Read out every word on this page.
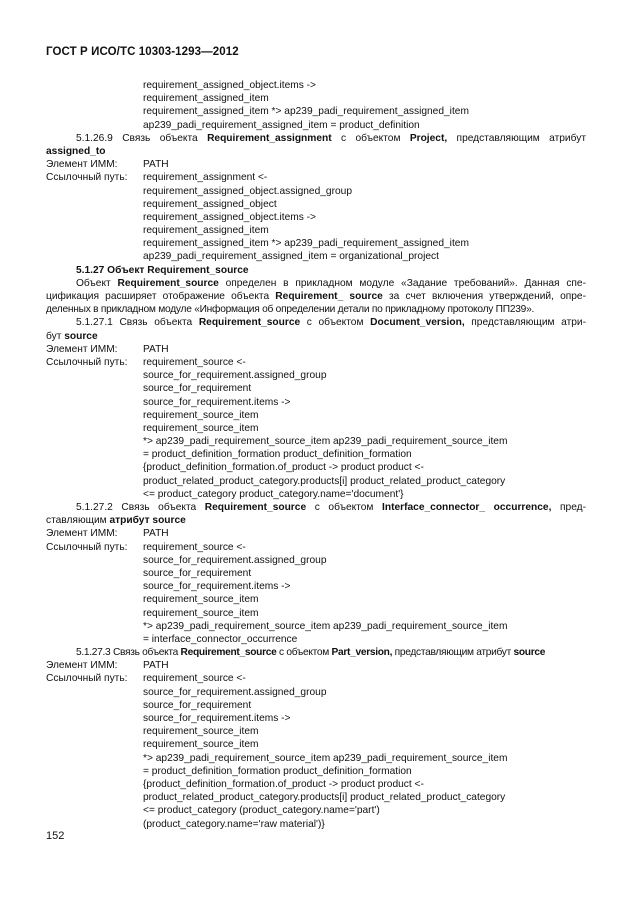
ГОСТ Р ИСО/ТС 10303-1293—2012
requirement_assigned_object.items ->
requirement_assigned_item
requirement_assigned_item *> ap239_padi_requirement_assigned_item
ap239_padi_requirement_assigned_item = product_definition
5.1.26.9 Связь объекта Requirement_assignment с объектом Project, представляющим атрибут
assigned_to
Элемент ИММ: PATH
Ссылочный путь: requirement_assignment <-
requirement_assigned_object.assigned_group
requirement_assigned_object
requirement_assigned_object.items ->
requirement_assigned_item
requirement_assigned_item *> ap239_padi_requirement_assigned_item
ap239_padi_requirement_assigned_item = organizational_project
5.1.27 Объект Requirement_source
Объект Requirement_source определен в прикладном модуле «Задание требований». Данная спе-
цификация расширяет отображение объекта Requirement_ source за счет включения утверждений, опре-
деленных в прикладном модуле «Информация об определении детали по прикладному протоколу ПП239».
5.1.27.1 Связь объекта Requirement_source с объектом Document_version, представляющим атри-
бут source
Элемент ИММ: PATH
Ссылочный путь: requirement_source <-
source_for_requirement.assigned_group
source_for_requirement
source_for_requirement.items ->
requirement_source_item
requirement_source_item
*> ap239_padi_requirement_source_item ap239_padi_requirement_source_item
= product_definition_formation product_definition_formation
{product_definition_formation.of_product -> product product <-
product_related_product_category.products[i] product_related_product_category
<= product_category product_category.name='document'}
5.1.27.2 Связь объекта Requirement_source с объектом Interface_connector_ occurrence, пред-
ставляющим атрибут source
Элемент ИММ: PATH
Ссылочный путь: requirement_source <-
source_for_requirement.assigned_group
source_for_requirement
source_for_requirement.items ->
requirement_source_item
requirement_source_item
*> ap239_padi_requirement_source_item ap239_padi_requirement_source_item
= interface_connector_occurrence
5.1.27.3 Связь объекта Requirement_source с объектом Part_version, представляющим атрибут source
Элемент ИММ: PATH
Ссылочный путь: requirement_source <-
source_for_requirement.assigned_group
source_for_requirement
source_for_requirement.items ->
requirement_source_item
requirement_source_item
*> ap239_padi_requirement_source_item ap239_padi_requirement_source_item
= product_definition_formation product_definition_formation
{product_definition_formation.of_product -> product product <-
product_related_product_category.products[i] product_related_product_category
<= product_category (product_category.name='part')
(product_category.name='raw material')}
152
